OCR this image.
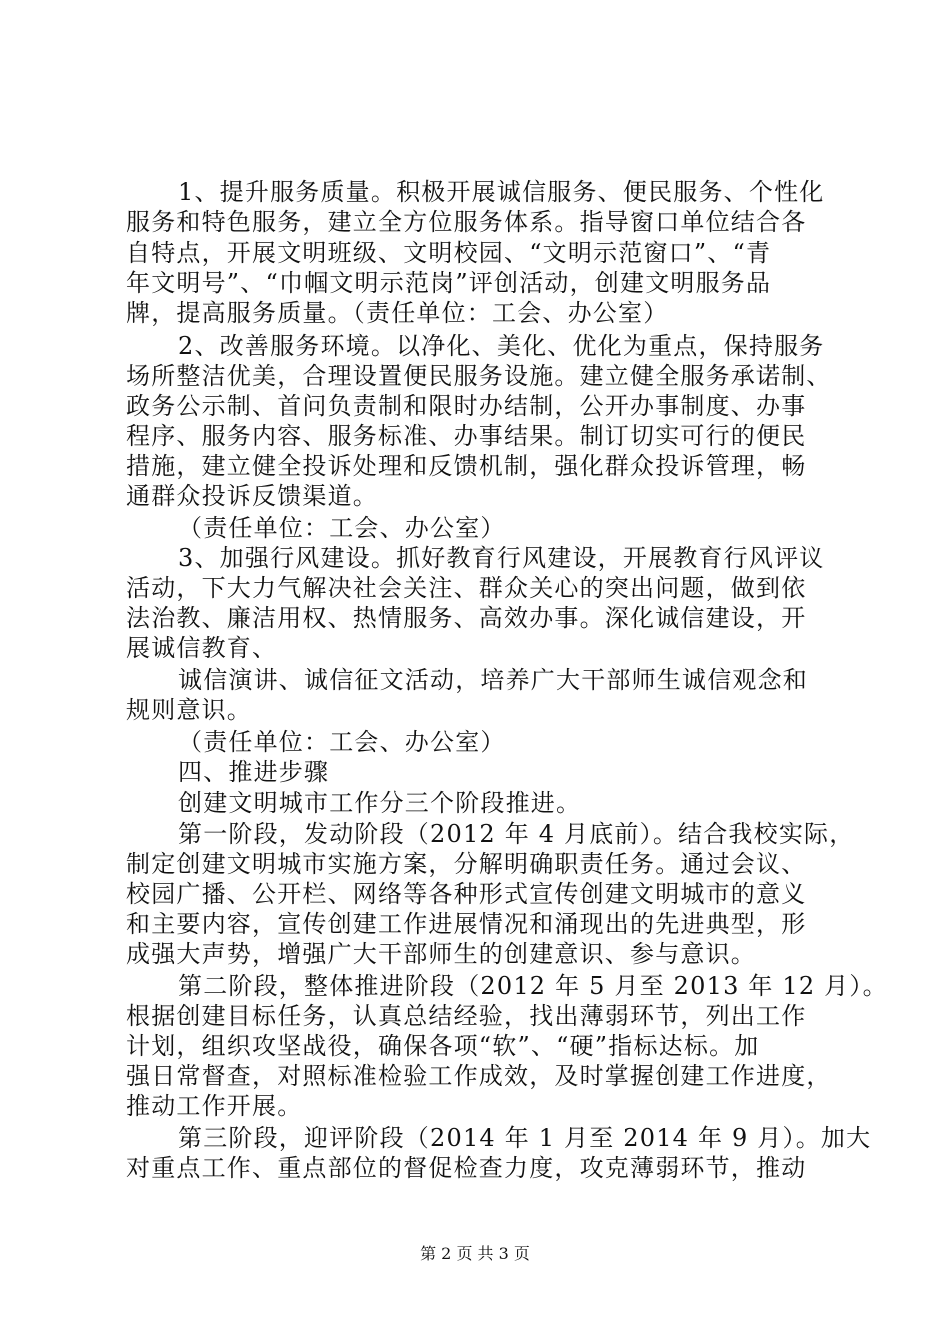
1、提升服务质量。积极开展诚信服务、便民服务、个性化
服务和特色服务，建立全方位服务体系。指导窗口单位结合各
自特点，开展文明班级、文明校园、“文明示范窗口”、“青
年文明号”、“巾帼文明示范岗”评创活动，创建文明服务品
牌，提高服务质量。（责任单位：工会、办公室）
2、改善服务环境。以净化、美化、优化为重点，保持服务
场所整洁优美，合理设置便民服务设施。建立健全服务承诺制、
政务公示制、首问负责制和限时办结制，公开办事制度、办事
程序、服务内容、服务标准、办事结果。制订切实可行的便民
措施，建立健全投诉处理和反馈机制，强化群众投诉管理，畅
通群众投诉反馈渠道。
（责任单位：工会、办公室）
3、加强行风建设。抓好教育行风建设，开展教育行风评议
活动，下大力气解决社会关注、群众关心的突出问题，做到依
法治教、廉洁用权、热情服务、高效办事。深化诚信建设，开
展诚信教育、
诚信演讲、诚信征文活动，培养广大干部师生诚信观念和
规则意识。
（责任单位：工会、办公室）
四、推进步骤
创建文明城市工作分三个阶段推进。
第一阶段，发动阶段（2012 年 4 月底前）。结合我校实际，
制定创建文明城市实施方案，分解明确职责任务。通过会议、
校园广播、公开栏、网络等各种形式宣传创建文明城市的意义
和主要内容，宣传创建工作进展情况和涌现出的先进典型，形
成强大声势，增强广大干部师生的创建意识、参与意识。
第二阶段，整体推进阶段（2012 年 5 月至 2013 年 12 月）。
根据创建目标任务，认真总结经验，找出薄弱环节，列出工作
计划，组织攻坚战役，确保各项“软”、“硬”指标达标。加
强日常督查，对照标准检验工作成效，及时掌握创建工作进度，
推动工作开展。
第三阶段，迎评阶段（2014 年 1 月至 2014 年 9 月）。加大
对重点工作、重点部位的督促检查力度，攻克薄弱环节，推动
第 2 页 共 3 页
